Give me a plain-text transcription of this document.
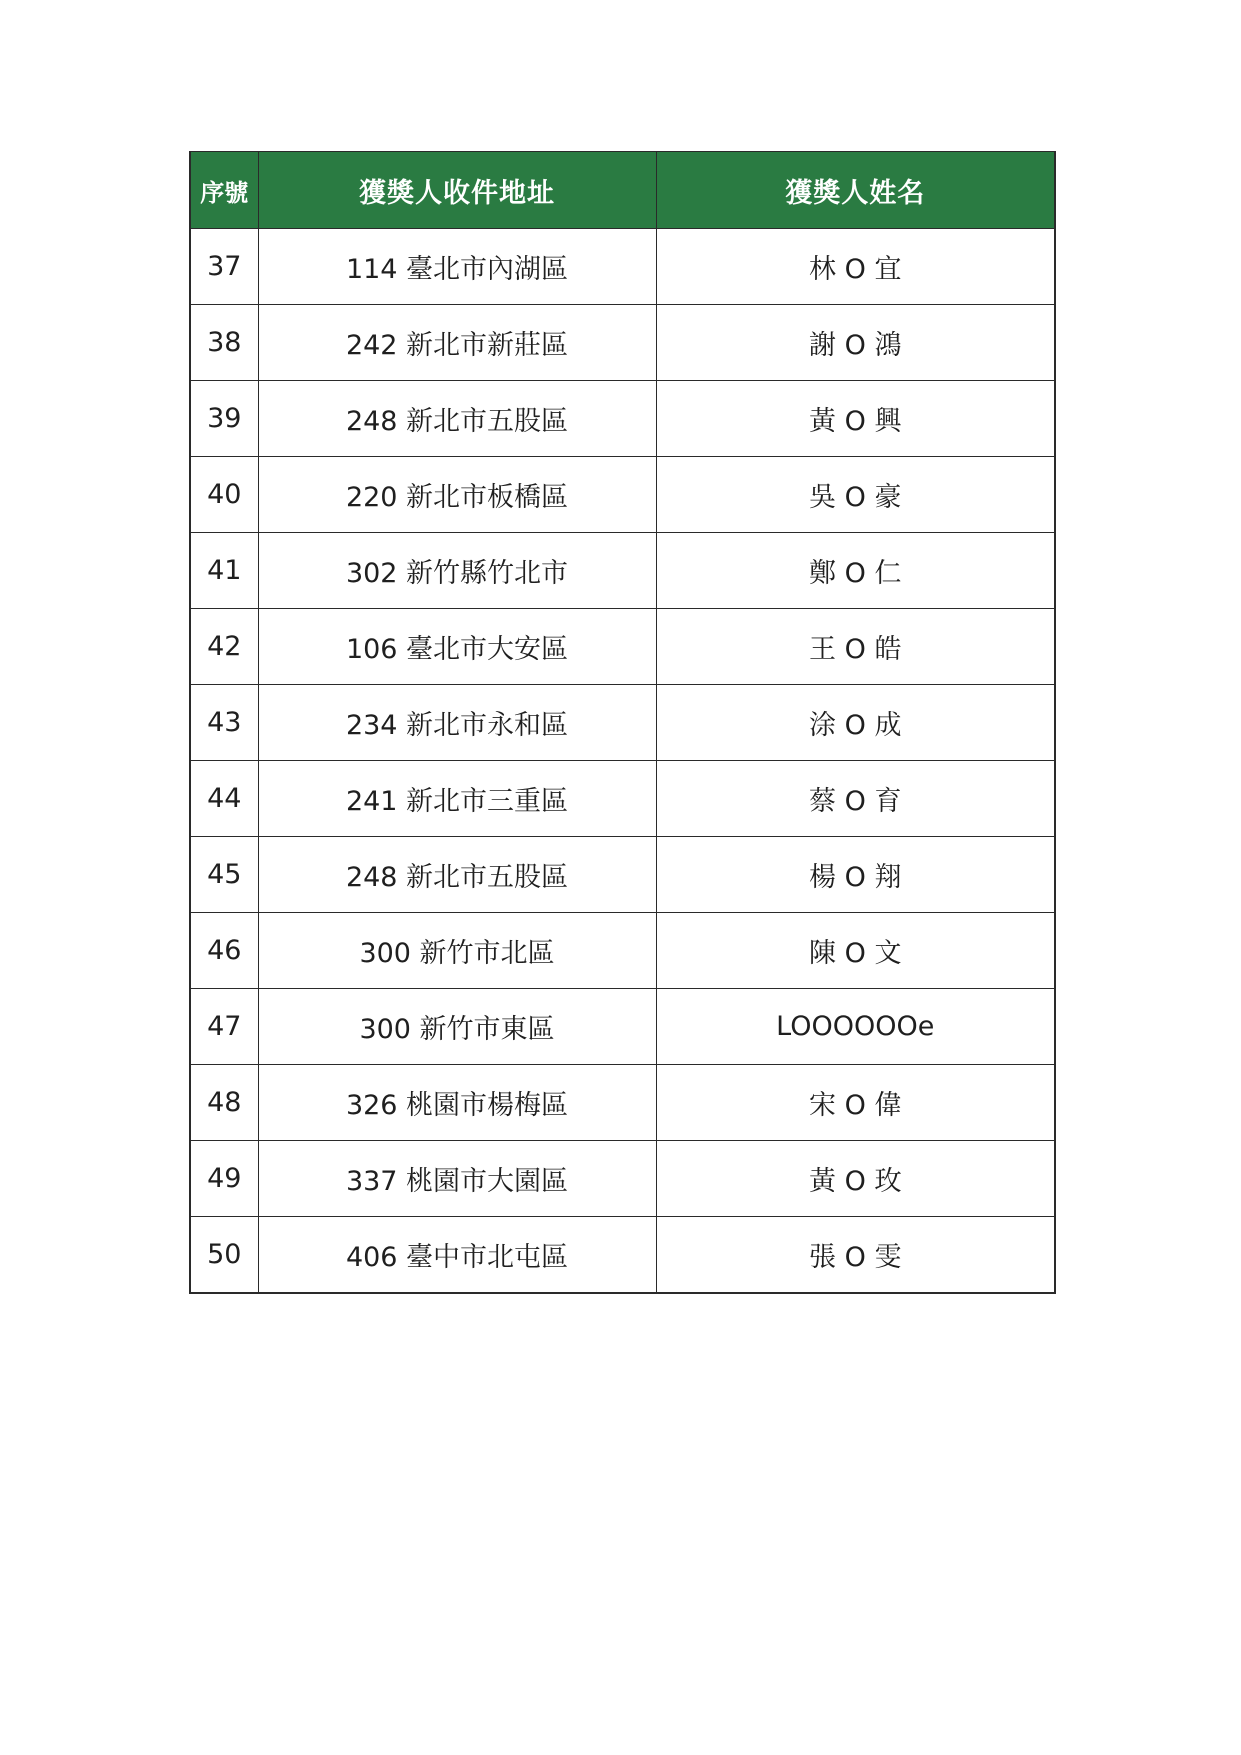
序號	獲獎人收件地址	獲獎人姓名
37	114 臺北市內湖區	林 O 宜
38	242 新北市新莊區	謝 O 鴻
39	248 新北市五股區	黃 O 興
40	220 新北市板橋區	吳 O 豪
41	302 新竹縣竹北市	鄭 O 仁
42	106 臺北市大安區	王 O 皓
43	234 新北市永和區	涂 O 成
44	241 新北市三重區	蔡 O 育
45	248 新北市五股區	楊 O 翔
46	300 新竹市北區	陳 O 文
47	300 新竹市東區	LOOOOOOe
48	326 桃園市楊梅區	宋 O 偉
49	337 桃園市大園區	黃 O 玫
50	406 臺中市北屯區	張 O 雯
